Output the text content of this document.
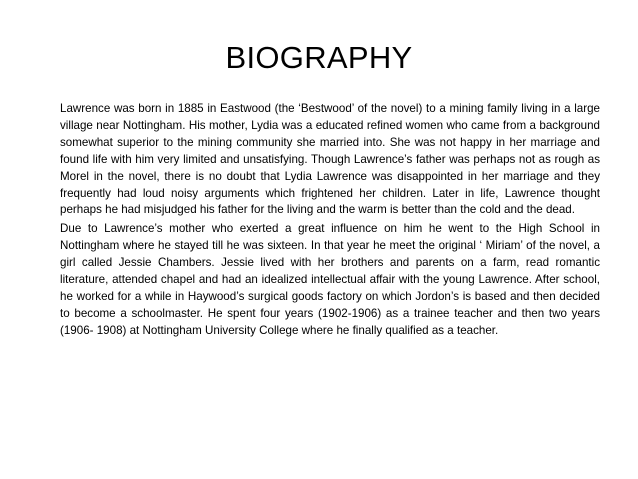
BIOGRAPHY

Lawrence was born in 1885 in Eastwood (the ‘Bestwood’ of the novel) to a mining family living in a large village near Nottingham. His mother, Lydia was a educated refined women who came from a background somewhat superior to the mining community she married into. She was not happy in her marriage and found life with him very limited and unsatisfying. Though Lawrence’s father was perhaps not as rough as Morel in the novel, there is no doubt that Lydia Lawrence was disappointed in her marriage and they frequently had loud noisy arguments which frightened her children. Later in life, Lawrence thought perhaps he had misjudged his father for the living and the warm is better than the cold and the dead.

Due to Lawrence’s mother who exerted a great influence on him he went to the High School in Nottingham where he stayed till he was sixteen. In that year he meet the original ‘ Miriam’ of the novel, a girl called Jessie Chambers. Jessie lived with her brothers and parents on a farm, read romantic literature, attended chapel and had an idealized intellectual affair with the young Lawrence. After school, he worked for a while in Haywood’s surgical goods factory on which Jordon’s is based and then decided to become a schoolmaster. He spent four years (1902-1906) as a trainee teacher and then two years (1906- 1908) at Nottingham University College where he finally qualified as a teacher.
